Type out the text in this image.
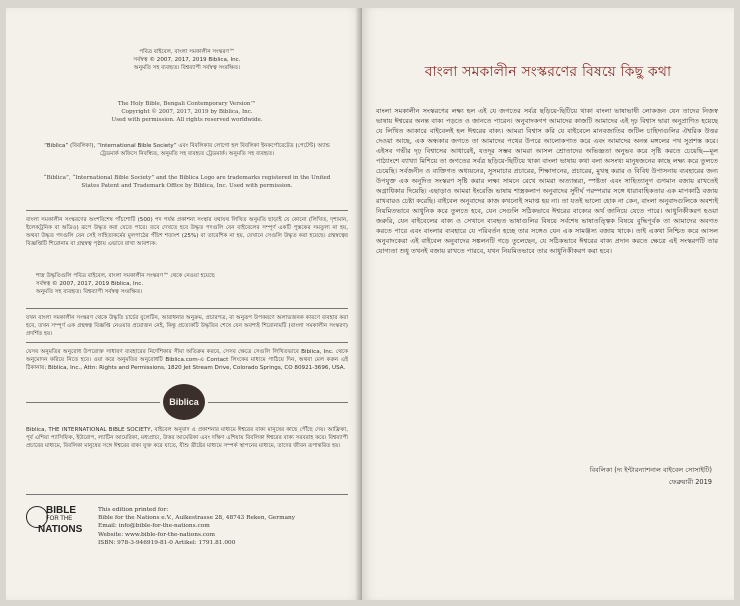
পবিত্র বাইবেল, বাংলা সমকালীন সংস্করণ™
সর্বস্বত্ব © 2007, 2017, 2019 Biblica, Inc.
অনুমতি সহ ব্যবহৃত। বিশ্বব্যাপী সর্বস্বত্ব সংরক্ষিত।
The Holy Bible, Bengali Contemporary Version™
Copyright © 2007, 2017, 2019 by Biblica, Inc.
Used with permission. All rights reserved worldwide.
“Biblica” (বিবলিকা), “International Bible Society” এবং বিবলিকার লোগো হল বিবলিকা ইনকর্পোরেটেড (পেটেন্ট) অ্যান্ড ট্রেডমার্ক অফিসে নিবন্ধিত, অনুমতি সহ ব্যবহৃত ট্রেডমার্ক। অনুমতি সহ ব্যবহৃত।
“Biblica”, “International Bible Society” and the Biblica Logo are trademarks registered in the United States Patent and Trademark Office by Biblica, Inc. Used with permission.
বাংলা সমকালীন সংস্করণের অংশবিশেষ পাঁচশোটি (500) পদ পর্যন্ত প্রকাশনা সংস্থার যথাযথ লিখিত অনুমতি ছাড়াই যে কোনো (লিখিত, দৃশ্যমান, ইলেকট্রনিক বা অডিও) রূপে উদ্ধৃত করা যেতে পারে। তবে দেখতে হবে উদ্ধৃত পদগুলি যেন বাইবেলের সম্পূর্ণ একটি পুস্তকের সমতুল্য না হয়, অথবা উদ্ধৃত পদগুলি যেন সেই সাহিত্যকর্মের মুলপাঠের পঁচিশ শতাংশ (25%) বা তারেশিক না হয়, যেখানে সেগুলি উদ্ধৃত করা হয়েছে। গ্রন্থস্বত্বের বিজ্ঞপ্তিটি শিরোনাম বা গ্রন্থস্বত্ব পৃষ্ঠায় এভাবে রাখা আবশ্যক:
শাস্ত্র উদ্ধৃতিগুলি পবিত্র বাইবেল, বাংলা সমকালীন সংস্করণ™ থেকে নেওয়া হয়েছে
সর্বস্বত্ব © 2007, 2017, 2019 Biblica, Inc.
অনুমতি সহ ব্যবহৃত। বিশ্বব্যাপী সর্বস্বত্ব সংরক্ষিত।
যখন বাংলা সমকালীন সংস্করণ থেকে উদ্ধৃতি চার্চের বুলেটিন, আরাধনার অনুক্রম, প্রচারপত্র, বা অনুরূপ উপকরণে অলাভজনক কারণে ব্যবহার করা হবে, তখন সম্পূর্ণ এক গ্রন্থস্বত্ব বিজ্ঞপ্তি নেওয়ার প্রয়োজন নেই, কিন্তু প্রত্যেকটি উদ্ধৃতির শেষে যেন অবশ্যই শিরোনামটি (বাংলা সমকালীন সংস্করণ) প্রদর্শিত হয়।
যেসব অনুমতির অনুরোধ উপরোক্ত সাধারণ ব্যবহারের নির্দেশিকার সীমা অতিক্রম করবে, সেসব ক্ষেত্রে সেগুলি লিখিতভাবে Biblica, Inc. থেকে অনুমোদন করিয়ে নিতে হবে। ওয়া করে অনুমতির অনুরোধটি Biblica.com-এ Contact লিংকের মাধ্যমে পাঠিয়ে দিন, অথবা মেল করুন এই ঠিকানায়: Biblica, Inc., Attn: Rights and Permissions, 1820 Jet Stream Drive, Colorado Springs, CO 80921-3696, USA.
Biblica
Biblica, THE INTERNATIONAL BIBLE SOCIETY, বাইবেল অনুবাদ ও প্রকাশনার মাধ্যমে ঈশ্বরের বাক্য মানুষের কাছে পৌঁছে দেয়। আফ্রিকা, পূর্ব এশিয়া প্যাসিফিক, ইউরোপ, ল্যাটিন আমেরিকা, মধ্যপ্রাচ্য, উত্তর আমেরিকা এবং দক্ষিণ এশিয়ায় বিবলিকা ঈশ্বরের বাক্য সরবরাহ করে। বিশ্বব্যাপী প্রচারের মাধ্যমে, বিবলিকা মানুষের সঙ্গে ঈশ্বরের বাক্য যুক্ত করে যাতে, যীশু খ্রীষ্টের মাধ্যমে সম্পর্ক স্থাপনের মাধ্যমে, তাদের জীবন রূপান্তরিত হয়।
BIBLE
FOR THE
NATIONS
This edition printed for:
Bible for the Nations e.V., Aulkestrasse 28, 48743 Reken, Germany
Email: info@bible-for-the-nations.com
Website: www.bible-for-the-nations.com
ISBN: 978-3-946919-81-0 Artikel: 1791.81.000
বাংলা সমকালীন সংস্করণের বিষয়ে কিছু কথা
বাংলা সমকালীন সংস্করণের লক্ষ্য হল এই যে জগতের সর্বত্র ছড়িয়ে-ছিটিয়ে থাকা বাংলা ভাষাভাষী লোকজন যেন তাদের নিজস্ব ভাষায় ঈশ্বরের অনন্ত বাক্য পড়তে ও জানতে পারেন। অনুবাদকগণ আমাদের কাজটি আমাদের এই দৃঢ় বিশ্বাস দ্বারা অনুপ্রাণিত হয়েছে যে লিখিত আকারে বাইবেলই হল ঈশ্বরের বাক্য। আমরা বিশ্বাস করি যে বাইবেলে মানবজাতির জটিল চাহিদাগুলির ঐশ্বরিক উত্তর দেওয়া আছে, এক অন্ধকার জগতে তা আমাদের পথের উপরে আলোকপাত করে এবং আমাদের অনন্ত মঙ্গলের পথ সুপ্রশস্ত করে। এইসব গভীর দৃঢ় বিশ্বাসের আধারেই, যতদূর সম্ভব আমরা আসল শ্রোতাদের অভিজ্ঞতা অনুভব করে সৃষ্টি করতে চেয়েছি—মূল পাঠ্যাংশে ব্যাখ্যা মিশিয়ে তা জগতের সর্বত্র ছড়িয়ে-ছিটিয়ে থাকা বাংলা ভাষায় কথা বলা অসংখ্য মানুষজনের কাছে লক্ষ্য করে তুলতে চেয়েছি। সর্বজনীন ও ব্যক্তিগত অধ্যয়নের, সুসমাচার প্রচারের, শিক্ষাদানের, প্রচারের, মুখস্থ করার ও বিবিধ উপাসনায় ব্যবহারের জন্য উপযুক্ত এক অনুদিত সংস্করণ সৃষ্টি করার লক্ষ্য সামনে রেখে আমরা অত্যান্তরা, স্পষ্টতা এবং সাহিত্যানুগ গুণমান বজায় রাখতেই অগ্রাধিকার দিয়েছি। এছাড়াও আমরা ইংরেজি ভাষায় শাস্ত্রকলাপ অনুবাদের সুদীর্ঘ পরম্পরার সঙ্গে ধারাবাহিকতার এক মাপকাঠি বজায় রাখবারও চেষ্টা করেছি। বাইবেল অনুবাদের কাজ কখনোই সমাপ্ত হয় না। তা যতই ভালো হোক না কেন, বাংলা অনুবাদগুলিকে অবশ্যই নিয়মিতভাবে আধুনিক করে তুলতে হবে, যেন সেগুলি সঠিকভাবে ঈশ্বরের বাক্যের অর্থ জানিয়ে যেতে পারে। আধুনিকীকরণ হওয়া জরুরি, যেন বাইবেলের বাক্য ও সেখানে ব্যবহৃত ভাষাগুলির বিষয়ে সর্বশেষ ভাষাতত্ত্বিক বিষয়ে বুদ্ধিপূর্বক তা আমাদের অবগত করতে পারে এবং বাংলার ব্যবহারে যে পরিবর্তন হচ্ছে তার সঙ্গেও যেন এক সামঞ্জস্য বজায় থাকে। তাই একথা নিশ্চিত করে আসল অনুবাদকেরা এই বাইবেল অনুবাদের সঙ্কলনটি গড়ে তুলেছেন, যে সঠিকভাবে ঈশ্বরের বাক্য প্রদান করতে ক্ষেত্রে এই সংস্করণটি তার যোগ্যতা শুধু তখনই বজায় রাখতে পারবে, যখন নিয়মিতভাবে তার আধুনিকীকরণ করা হবে।
বিবলিকা (দ্য ইন্টারন্যাশনাল বাইবেল সোসাইটি)
ফেব্রুয়ারী 2019
